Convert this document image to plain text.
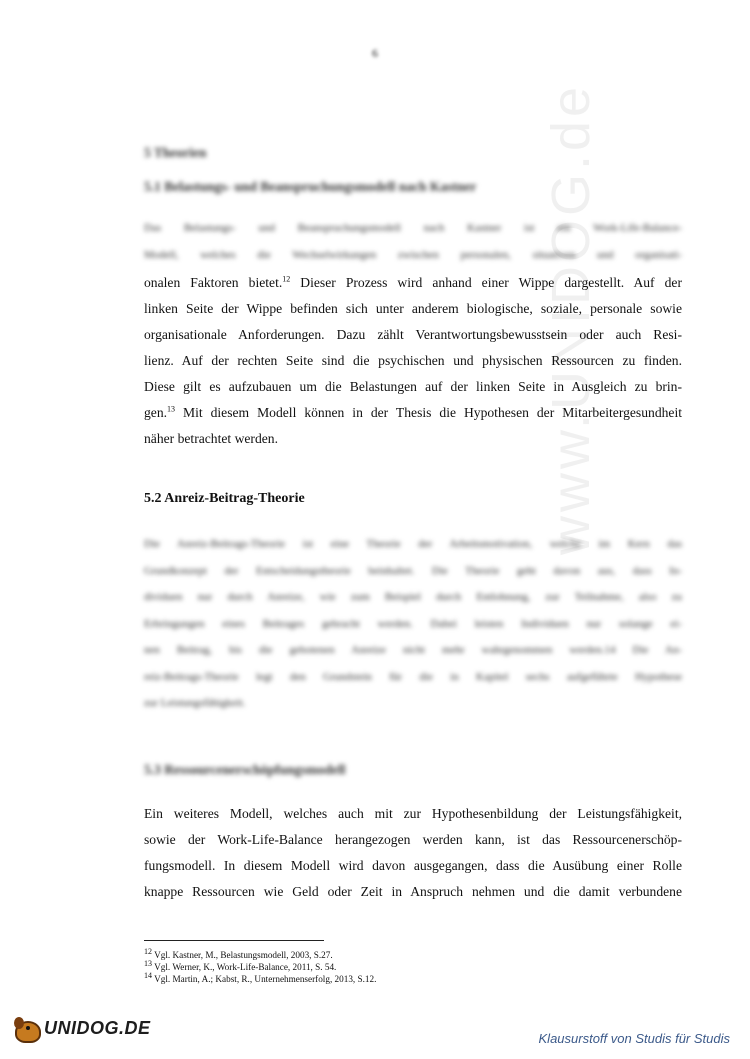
6
www.UNIDOG.de
5 Theorien
5.1 Belastungs- und Beanspruchungsmodell nach Kastner
Das Belastungs- und Beanspruchungsmodell nach Kastner ist ein Work-Life-Balance-
Modell, welches die Wechselwirkungen zwischen personalen, situativen und organisati-
onalen Faktoren bietet.$^{12}$ Dieser Prozess wird anhand einer Wippe dargestellt. Auf der
linken Seite der Wippe befinden sich unter anderem biologische, soziale, personale sowie
organisationale Anforderungen. Dazu zählt Verantwortungsbewusstsein oder auch Resi-
lienz. Auf der rechten Seite sind die psychischen und physischen Ressourcen zu finden.
Diese gilt es aufzubauen um die Belastungen auf der linken Seite in Ausgleich zu brin-
gen.$^{13}$ Mit diesem Modell können in der Thesis die Hypothesen der Mitarbeitergesundheit
näher betrachtet werden.
5.2 Anreiz-Beitrag-Theorie
Die Anreiz-Beitrags-Theorie ist eine Theorie der Arbeitsmotivation, welche im Kern das
Grundkonzept der Entscheidungstheorie beinhaltet. Die Theorie geht davon aus, dass In-
dividuen nur durch Anreize, wie zum Beispiel durch Entlohnung, zur Teilnahme, also zu
Erbringungen eines Beitrages gebracht werden. Dabei leisten Individuen nur solange ei-
nen Beitrag, bis die gebotenen Anreize nicht mehr wahrgenommen werden.14 Die An-
reiz-Beitrags-Theorie legt den Grundstein für die in Kapitel sechs aufgeführte Hypothese
zur Leistungsfähigkeit.
5.3 Ressourcenerschöpfungsmodell
Ein weiteres Modell, welches auch mit zur Hypothesenbildung der Leistungsfähigkeit,
sowie der Work-Life-Balance herangezogen werden kann, ist das Ressourcenerschöp-
fungsmodell. In diesem Modell wird davon ausgegangen, dass die Ausübung einer Rolle
knappe Ressourcen wie Geld oder Zeit in Anspruch nehmen und die damit verbundene
$^{12}$ Vgl. Kastner, M., Belastungsmodell, 2003, S.27.
$^{13}$ Vgl. Werner, K., Work-Life-Balance, 2011, S. 54.
$^{14}$ Vgl. Martin, A.; Kabst, R., Unternehmenserfolg, 2013, S.12.
UNIDOG.DE
Klausurstoff von Studis für Studis
